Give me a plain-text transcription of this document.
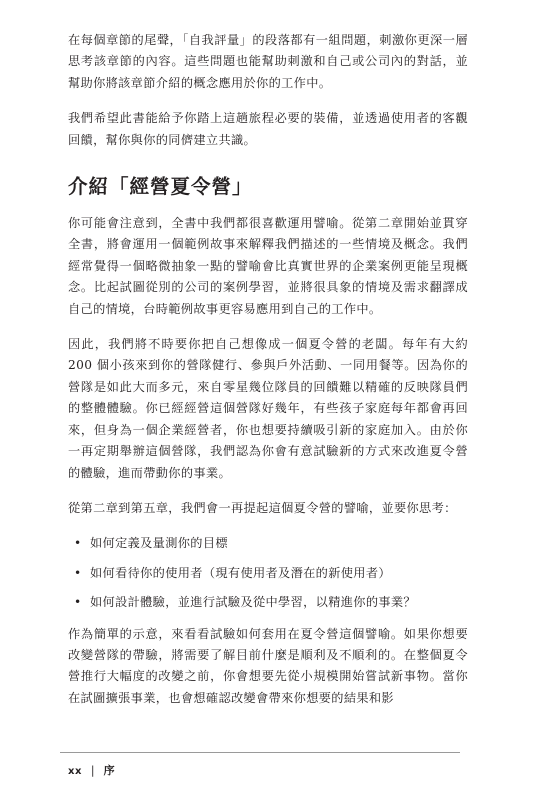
在每個章節的尾聲，「自我評量」的段落都有一組問題，刺激你更深一層思考該章節的內容。這些問題也能幫助刺激和自己或公司內的對話，並幫助你將該章節介紹的概念應用於你的工作中。

我們希望此書能給予你踏上這趟旅程必要的裝備，並透過使用者的客觀回饋，幫你與你的同儕建立共識。

介紹「經營夏令營」

你可能會注意到，全書中我們都很喜歡運用譬喻。從第二章開始並貫穿全書，將會運用一個範例故事來解釋我們描述的一些情境及概念。我們經常覺得一個略微抽象一點的譬喻會比真實世界的企業案例更能呈現概念。比起試圖從別的公司的案例學習，並將很具象的情境及需求翻譯成自己的情境，台時範例故事更容易應用到自己的工作中。

因此，我們將不時要你把自己想像成一個夏令營的老闆。每年有大約 200 個小孩來到你的營隊健行、參與戶外活動、一同用餐等。因為你的營隊是如此大而多元，來自零星幾位隊員的回饋難以精確的反映隊員們的整體體驗。你已經經營這個營隊好幾年，有些孩子家庭每年都會再回來，但身為一個企業經營者，你也想要持續吸引新的家庭加入。由於你一再定期舉辦這個營隊，我們認為你會有意試驗新的方式來改進夏令營的體驗，進而帶動你的事業。

從第二章到第五章，我們會一再提起這個夏令營的譬喻，並要你思考：

• 如何定義及量測你的目標
• 如何看待你的使用者（現有使用者及潛在的新使用者）
• 如何設計體驗，並進行試驗及從中學習，以精進你的事業？

作為簡單的示意，來看看試驗如何套用在夏令營這個譬喻。如果你想要改變營隊的帶驗，將需要了解目前什麼是順利及不順利的。在整個夏令營推行大幅度的改變之前，你會想要先從小規模開始嘗試新事物。當你在試圖擴張事業，也會想確認改變會帶來你想要的結果和影

xx | 序
